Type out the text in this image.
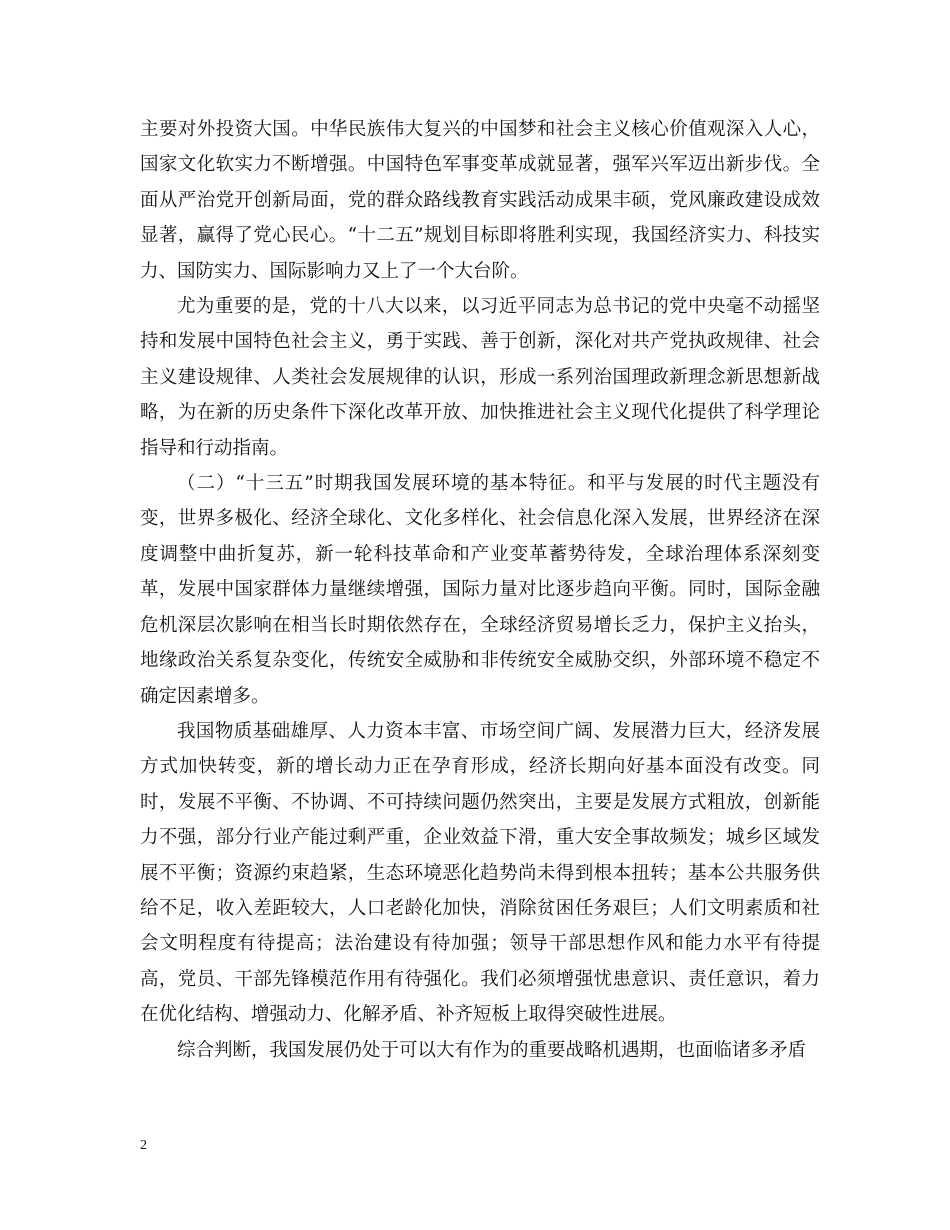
主要对外投资大国。中华民族伟大复兴的中国梦和社会主义核心价值观深入人心，国家文化软实力不断增强。中国特色军事变革成就显著，强军兴军迈出新步伐。全面从严治党开创新局面，党的群众路线教育实践活动成果丰硕，党风廉政建设成效显著，赢得了党心民心。“十二五”规划目标即将胜利实现，我国经济实力、科技实力、国防实力、国际影响力又上了一个大台阶。

尤为重要的是，党的十八大以来，以习近平同志为总书记的党中央毫不动摇坚持和发展中国特色社会主义，勇于实践、善于创新，深化对共产党执政规律、社会主义建设规律、人类社会发展规律的认识，形成一系列治国理政新理念新思想新战略，为在新的历史条件下深化改革开放、加快推进社会主义现代化提供了科学理论指导和行动指南。

（二）“十三五”时期我国发展环境的基本特征。和平与发展的时代主题没有变，世界多极化、经济全球化、文化多样化、社会信息化深入发展，世界经济在深度调整中曲折复苏，新一轮科技革命和产业变革蓄势待发，全球治理体系深刻变革，发展中国家群体力量继续增强，国际力量对比逐步趋向平衡。同时，国际金融危机深层次影响在相当长时期依然存在，全球经济贸易增长乏力，保护主义抬头，地缘政治关系复杂变化，传统安全威胁和非传统安全威胁交织，外部环境不稳定不确定因素增多。

我国物质基础雄厚、人力资本丰富、市场空间广阔、发展潜力巨大，经济发展方式加快转变，新的增长动力正在孕育形成，经济长期向好基本面没有改变。同时，发展不平衡、不协调、不可持续问题仍然突出，主要是发展方式粗放，创新能力不强，部分行业产能过剩严重，企业效益下滑，重大安全事故频发；城乡区域发展不平衡；资源约束趋紧，生态环境恶化趋势尚未得到根本扭转；基本公共服务供给不足，收入差距较大，人口老龄化加快，消除贫困任务艰巨；人们文明素质和社会文明程度有待提高；法治建设有待加强；领导干部思想作风和能力水平有待提高，党员、干部先锋模范作用有待强化。我们必须增强忧患意识、责任意识，着力在优化结构、增强动力、化解矛盾、补齐短板上取得突破性进展。

综合判断，我国发展仍处于可以大有作为的重要战略机遇期，也面临诸多矛盾

2
